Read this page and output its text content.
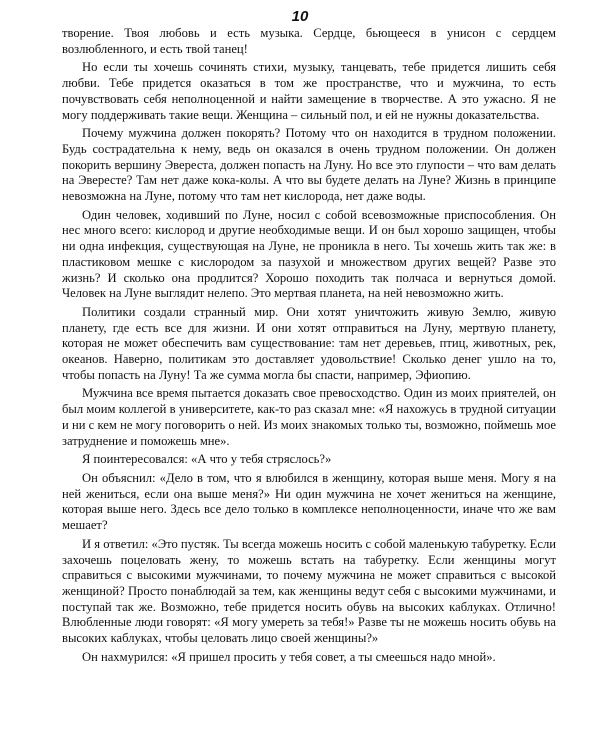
10

творение. Твоя любовь и есть музыка. Сердце, бьющееся в унисон с сердцем возлюбленного, и есть твой танец!

Но если ты хочешь сочинять стихи, музыку, танцевать, тебе придется лишить себя любви. Тебе придется оказаться в том же пространстве, что и мужчина, то есть почувствовать себя неполноценной и найти замещение в творчестве. А это ужасно. Я не могу поддерживать такие вещи. Женщина – сильный пол, и ей не нужны доказательства.

Почему мужчина должен покорять? Потому что он находится в трудном положении. Будь сострадательна к нему, ведь он оказался в очень трудном положении. Он должен покорить вершину Эвереста, должен попасть на Луну. Но все это глупости – что вам делать на Эвересте? Там нет даже кока-колы. А что вы будете делать на Луне? Жизнь в принципе невозможна на Луне, потому что там нет кислорода, нет даже воды.

Один человек, ходивший по Луне, носил с собой всевозможные приспособления. Он нес много всего: кислород и другие необходимые вещи. И он был хорошо защищен, чтобы ни одна инфекция, существующая на Луне, не проникла в него. Ты хочешь жить так же: в пластиковом мешке с кислородом за пазухой и множеством других вещей? Разве это жизнь? И сколько она продлится? Хорошо походить так полчаса и вернуться домой. Человек на Луне выглядит нелепо. Это мертвая планета, на ней невозможно жить.

Политики создали странный мир. Они хотят уничтожить живую Землю, живую планету, где есть все для жизни. И они хотят отправиться на Луну, мертвую планету, которая не может обеспечить вам существование: там нет деревьев, птиц, животных, рек, океанов. Наверно, политикам это доставляет удовольствие! Сколько денег ушло на то, чтобы попасть на Луну! Та же сумма могла бы спасти, например, Эфиопию.

Мужчина все время пытается доказать свое превосходство. Один из моих приятелей, он был моим коллегой в университете, как-то раз сказал мне: «Я нахожусь в трудной ситуации и ни с кем не могу поговорить о ней. Из моих знакомых только ты, возможно, поймешь мое затруднение и поможешь мне».

Я поинтересовался: «А что у тебя стряслось?»

Он объяснил: «Дело в том, что я влюбился в женщину, которая выше меня. Могу я на ней жениться, если она выше меня?» Ни один мужчина не хочет жениться на женщине, которая выше него. Здесь все дело только в комплексе неполноценности, иначе что же вам мешает?

И я ответил: «Это пустяк. Ты всегда можешь носить с собой маленькую табуретку. Если захочешь поцеловать жену, то можешь встать на табуретку. Если женщины могут справиться с высокими мужчинами, то почему мужчина не может справиться с высокой женщиной? Просто понаблюдай за тем, как женщины ведут себя с высокими мужчинами, и поступай так же. Возможно, тебе придется носить обувь на высоких каблуках. Отлично! Влюбленные люди говорят: «Я могу умереть за тебя!» Разве ты не можешь носить обувь на высоких каблуках, чтобы целовать лицо своей женщины?»

Он нахмурился: «Я пришел просить у тебя совет, а ты смеешься надо мной».
